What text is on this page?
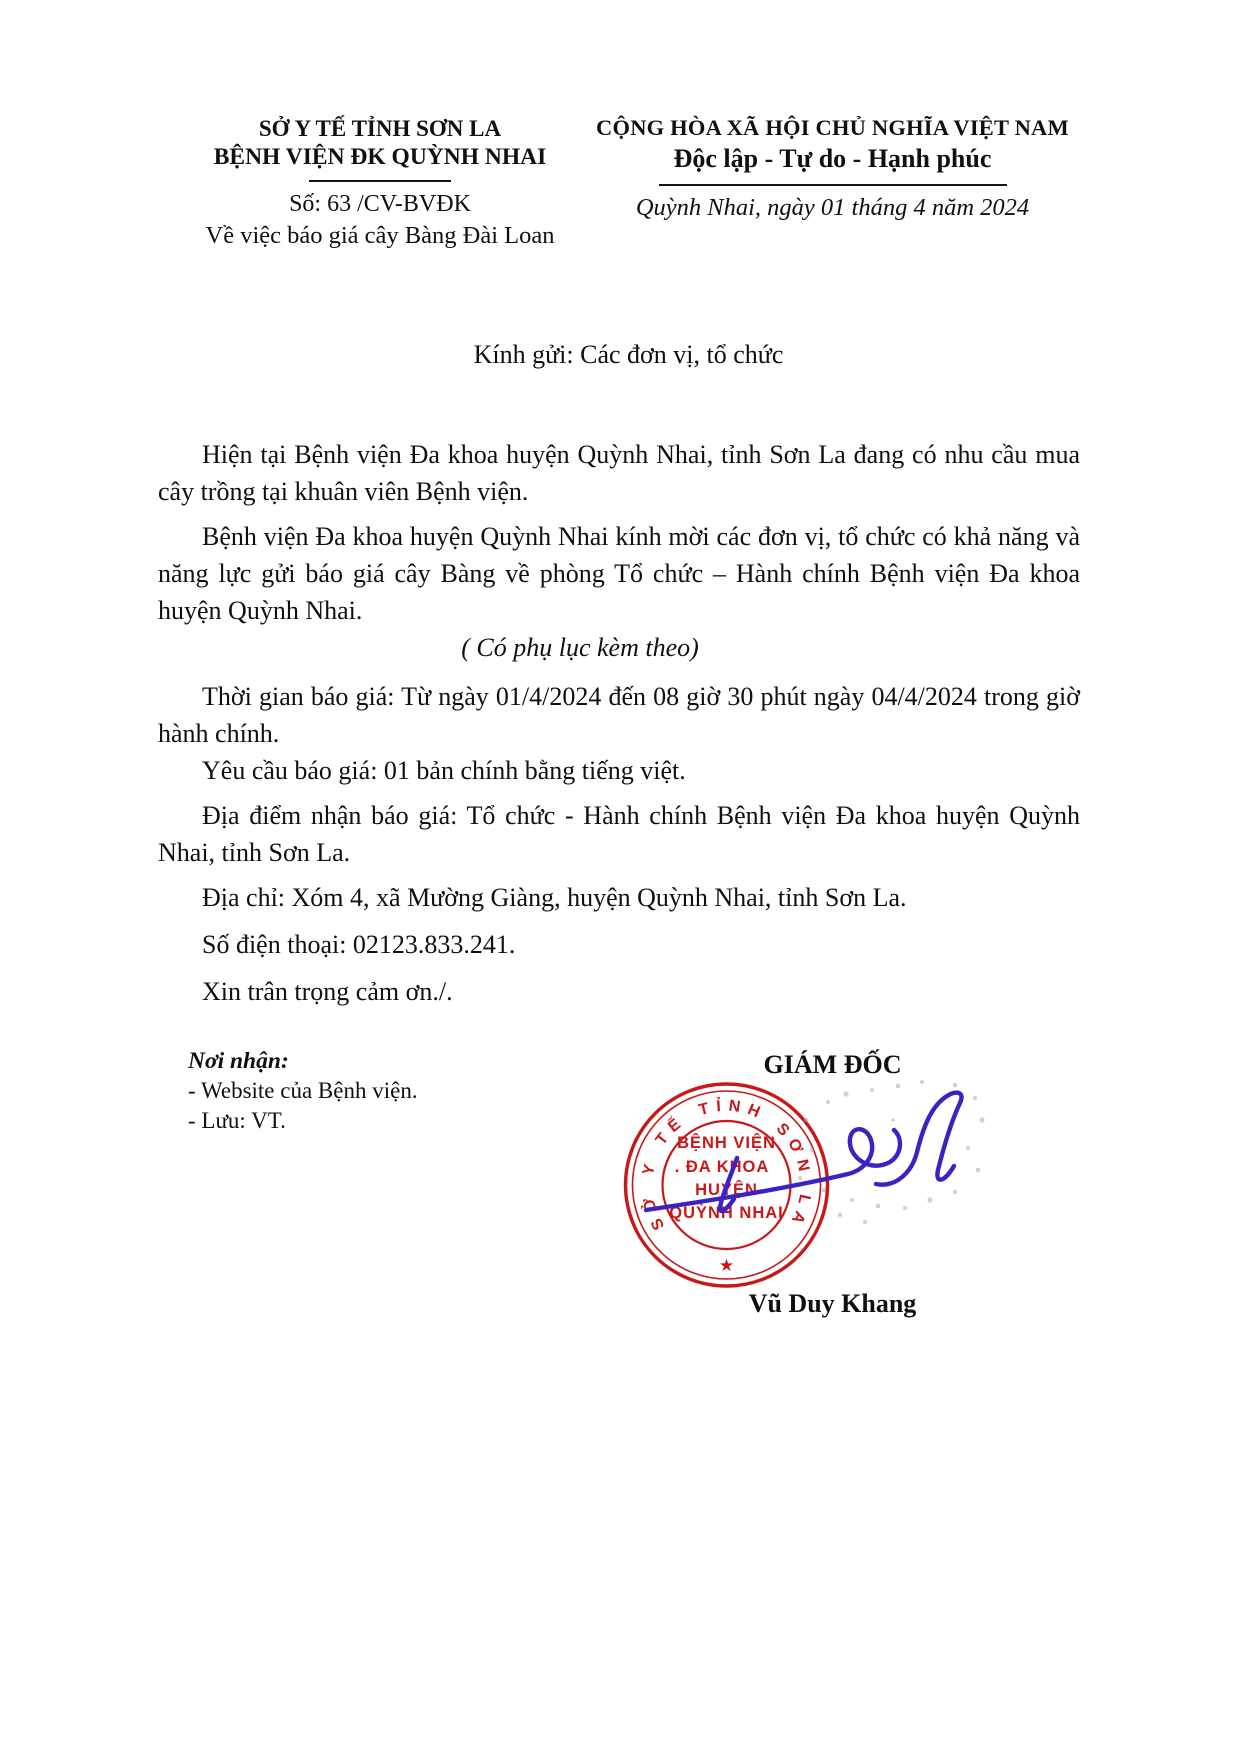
SỞ Y TẾ TỈNH SƠN LA
BỆNH VIỆN ĐK QUỲNH NHAI
Số: 63 /CV-BVĐK
Về việc báo giá cây Bàng Đài Loan
CỘNG HÒA XÃ HỘI CHỦ NGHĨA VIỆT NAM
Độc lập - Tự do - Hạnh phúc
Quỳnh Nhai, ngày 01 tháng 4 năm 2024
Kính gửi: Các đơn vị, tổ chức

Hiện tại Bệnh viện Đa khoa huyện Quỳnh Nhai, tỉnh Sơn La đang có nhu cầu mua cây trồng tại khuân viên Bệnh viện.

Bệnh viện Đa khoa huyện Quỳnh Nhai kính mời các đơn vị, tổ chức có khả năng và năng lực gửi báo giá cây Bàng về phòng Tổ chức – Hành chính Bệnh viện Đa khoa huyện Quỳnh Nhai.

( Có phụ lục kèm theo)

Thời gian báo giá: Từ ngày 01/4/2024 đến 08 giờ 30 phút ngày 04/4/2024 trong giờ hành chính.

Yêu cầu báo giá: 01 bản chính bằng tiếng việt.

Địa điểm nhận báo giá: Tổ chức - Hành chính Bệnh viện Đa khoa huyện Quỳnh Nhai, tỉnh Sơn La.

Địa chỉ: Xóm 4, xã Mường Giàng, huyện Quỳnh Nhai, tỉnh Sơn La.

Số điện thoại: 02123.833.241.

Xin trân trọng cảm ơn./.

Nơi nhận:
- Website của Bệnh viện.
- Lưu: VT.
GIÁM ĐỐC
Vũ Duy Khang
SỞ Y TẾ TỈNH SƠN LA
BỆNH VIỆN
. ĐA KHOA
HUYỆN
QUỲNH NHAI
★
